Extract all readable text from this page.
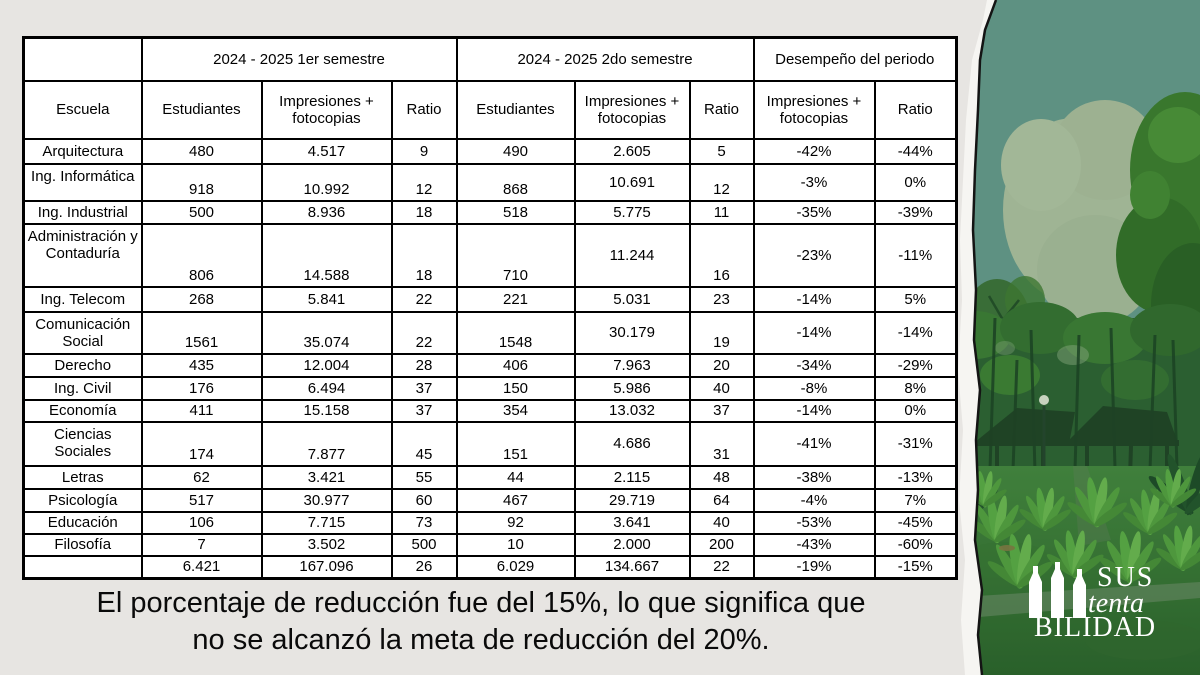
	2024 - 2025 1er semestre			2024 - 2025 2do semestre			Desempeño del periodo	
Escuela	Estudiantes	Impresiones + fotocopias	Ratio	Estudiantes	Impresiones + fotocopias	Ratio	Impresiones + fotocopias	Ratio
Arquitectura	480	4.517	9	490	2.605	5	-42%	-44%
Ing. Informática	918	10.992	12	868	10.691	12	-3%	0%
Ing. Industrial	500	8.936	18	518	5.775	11	-35%	-39%
Administración y Contaduría	806	14.588	18	710	11.244	16	-23%	-11%
Ing. Telecom	268	5.841	22	221	5.031	23	-14%	5%
Comunicación Social	1561	35.074	22	1548	30.179	19	-14%	-14%
Derecho	435	12.004	28	406	7.963	20	-34%	-29%
Ing. Civil	176	6.494	37	150	5.986	40	-8%	8%
Economía	411	15.158	37	354	13.032	37	-14%	0%
Ciencias Sociales	174	7.877	45	151	4.686	31	-41%	-31%
Letras	62	3.421	55	44	2.115	48	-38%	-13%
Psicología	517	30.977	60	467	29.719	64	-4%	7%
Educación	106	7.715	73	92	3.641	40	-53%	-45%
Filosofía	7	3.502	500	10	2.000	200	-43%	-60%
	6.421	167.096	26	6.029	134.667	22	-19%	-15%
El porcentaje de reducción fue del 15%, lo que significa que
no se alcanzó la meta de reducción del 20%.
SUS
tenta
BILIDAD
